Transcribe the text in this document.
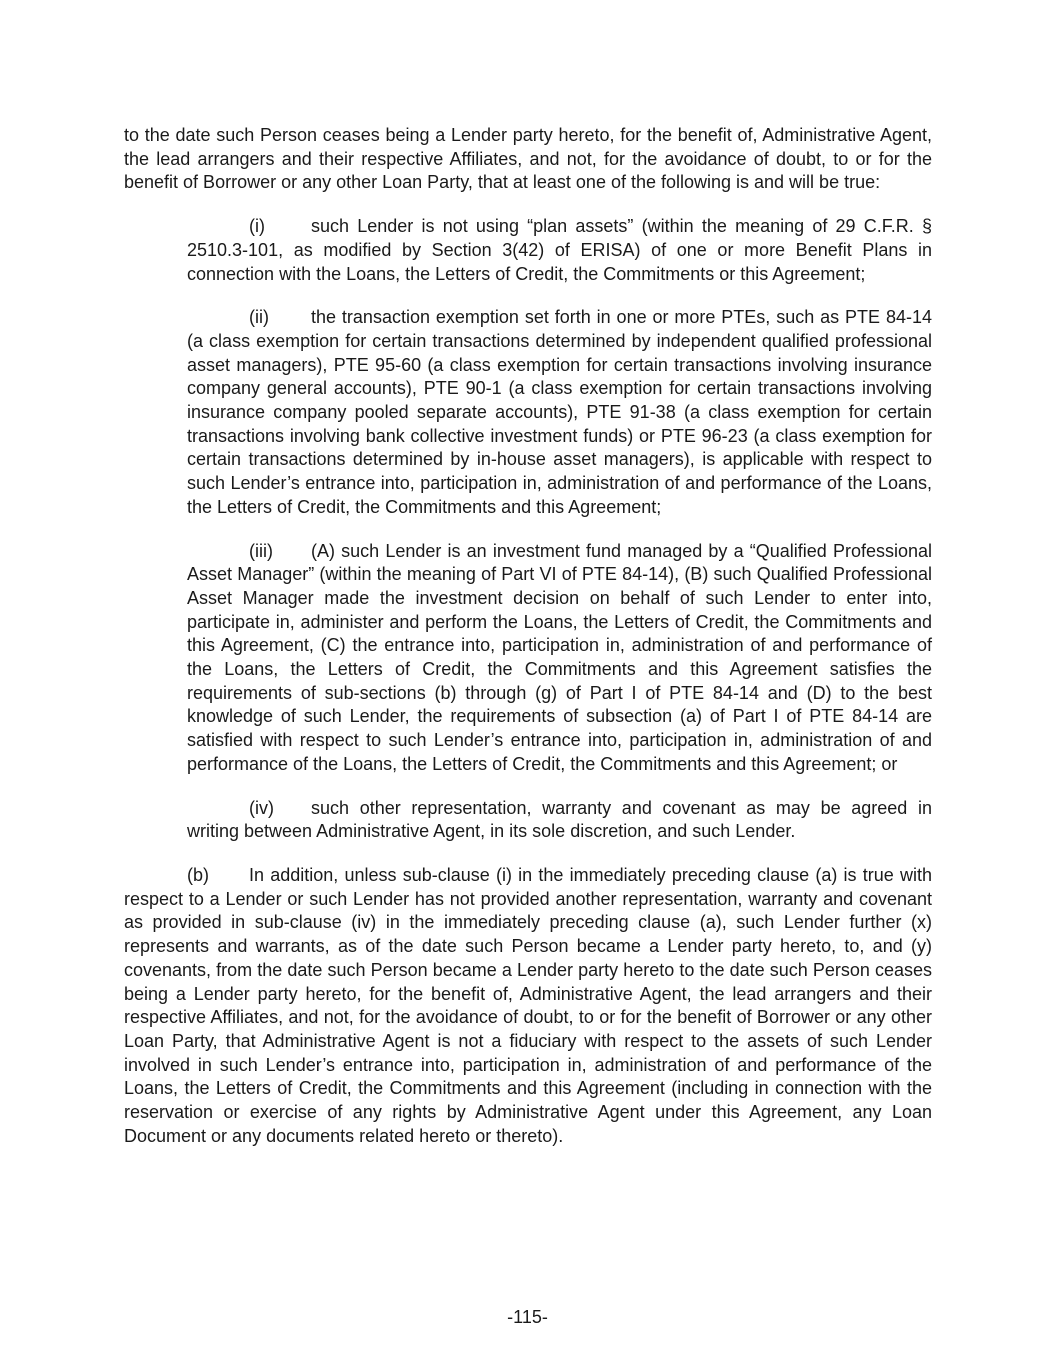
to the date such Person ceases being a Lender party hereto, for the benefit of, Administrative Agent, the lead arrangers and their respective Affiliates, and not, for the avoidance of doubt, to or for the benefit of Borrower or any other Loan Party, that at least one of the following is and will be true:

(i)	such Lender is not using “plan assets” (within the meaning of 29 C.F.R. § 2510.3-101, as modified by Section 3(42) of ERISA) of one or more Benefit Plans in connection with the Loans, the Letters of Credit, the Commitments or this Agreement;

(ii) the transaction exemption set forth in one or more PTEs, such as PTE 84-14 (a class exemption for certain transactions determined by independent qualified professional asset managers), PTE 95-60 (a class exemption for certain transactions involving insurance company general accounts), PTE 90-1 (a class exemption for certain transactions involving insurance company pooled separate accounts), PTE 91-38 (a class exemption for certain transactions involving bank collective investment funds) or PTE 96-23 (a class exemption for certain transactions determined by in-house asset managers), is applicable with respect to such Lender’s entrance into, participation in, administration of and performance of the Loans, the Letters of Credit, the Commitments and this Agreement;

(iii) (A) such Lender is an investment fund managed by a “Qualified Professional Asset Manager” (within the meaning of Part VI of PTE 84-14), (B) such Qualified Professional Asset Manager made the investment decision on behalf of such Lender to enter into, participate in, administer and perform the Loans, the Letters of Credit, the Commitments and this Agreement, (C) the entrance into, participation in, administration of and performance of the Loans, the Letters of Credit, the Commitments and this Agreement satisfies the requirements of sub-sections (b) through (g) of Part I of PTE 84-14 and (D) to the best knowledge of such Lender, the requirements of subsection (a) of Part I of PTE 84-14 are satisfied with respect to such Lender’s entrance into, participation in, administration of and performance of the Loans, the Letters of Credit, the Commitments and this Agreement; or

(iv) such other representation, warranty and covenant as may be agreed in writing between Administrative Agent, in its sole discretion, and such Lender.

(b) In addition, unless sub-clause (i) in the immediately preceding clause (a) is true with respect to a Lender or such Lender has not provided another representation, warranty and covenant as provided in sub-clause (iv) in the immediately preceding clause (a), such Lender further (x) represents and warrants, as of the date such Person became a Lender party hereto, to, and (y) covenants, from the date such Person became a Lender party hereto to the date such Person ceases being a Lender party hereto, for the benefit of, Administrative Agent, the lead arrangers and their respective Affiliates, and not, for the avoidance of doubt, to or for the benefit of Borrower or any other Loan Party, that Administrative Agent is not a fiduciary with respect to the assets of such Lender involved in such Lender’s entrance into, participation in, administration of and performance of the Loans, the Letters of Credit, the Commitments and this Agreement (including in connection with the reservation or exercise of any rights by Administrative Agent under this Agreement, any Loan Document or any documents related hereto or thereto).

-115-
